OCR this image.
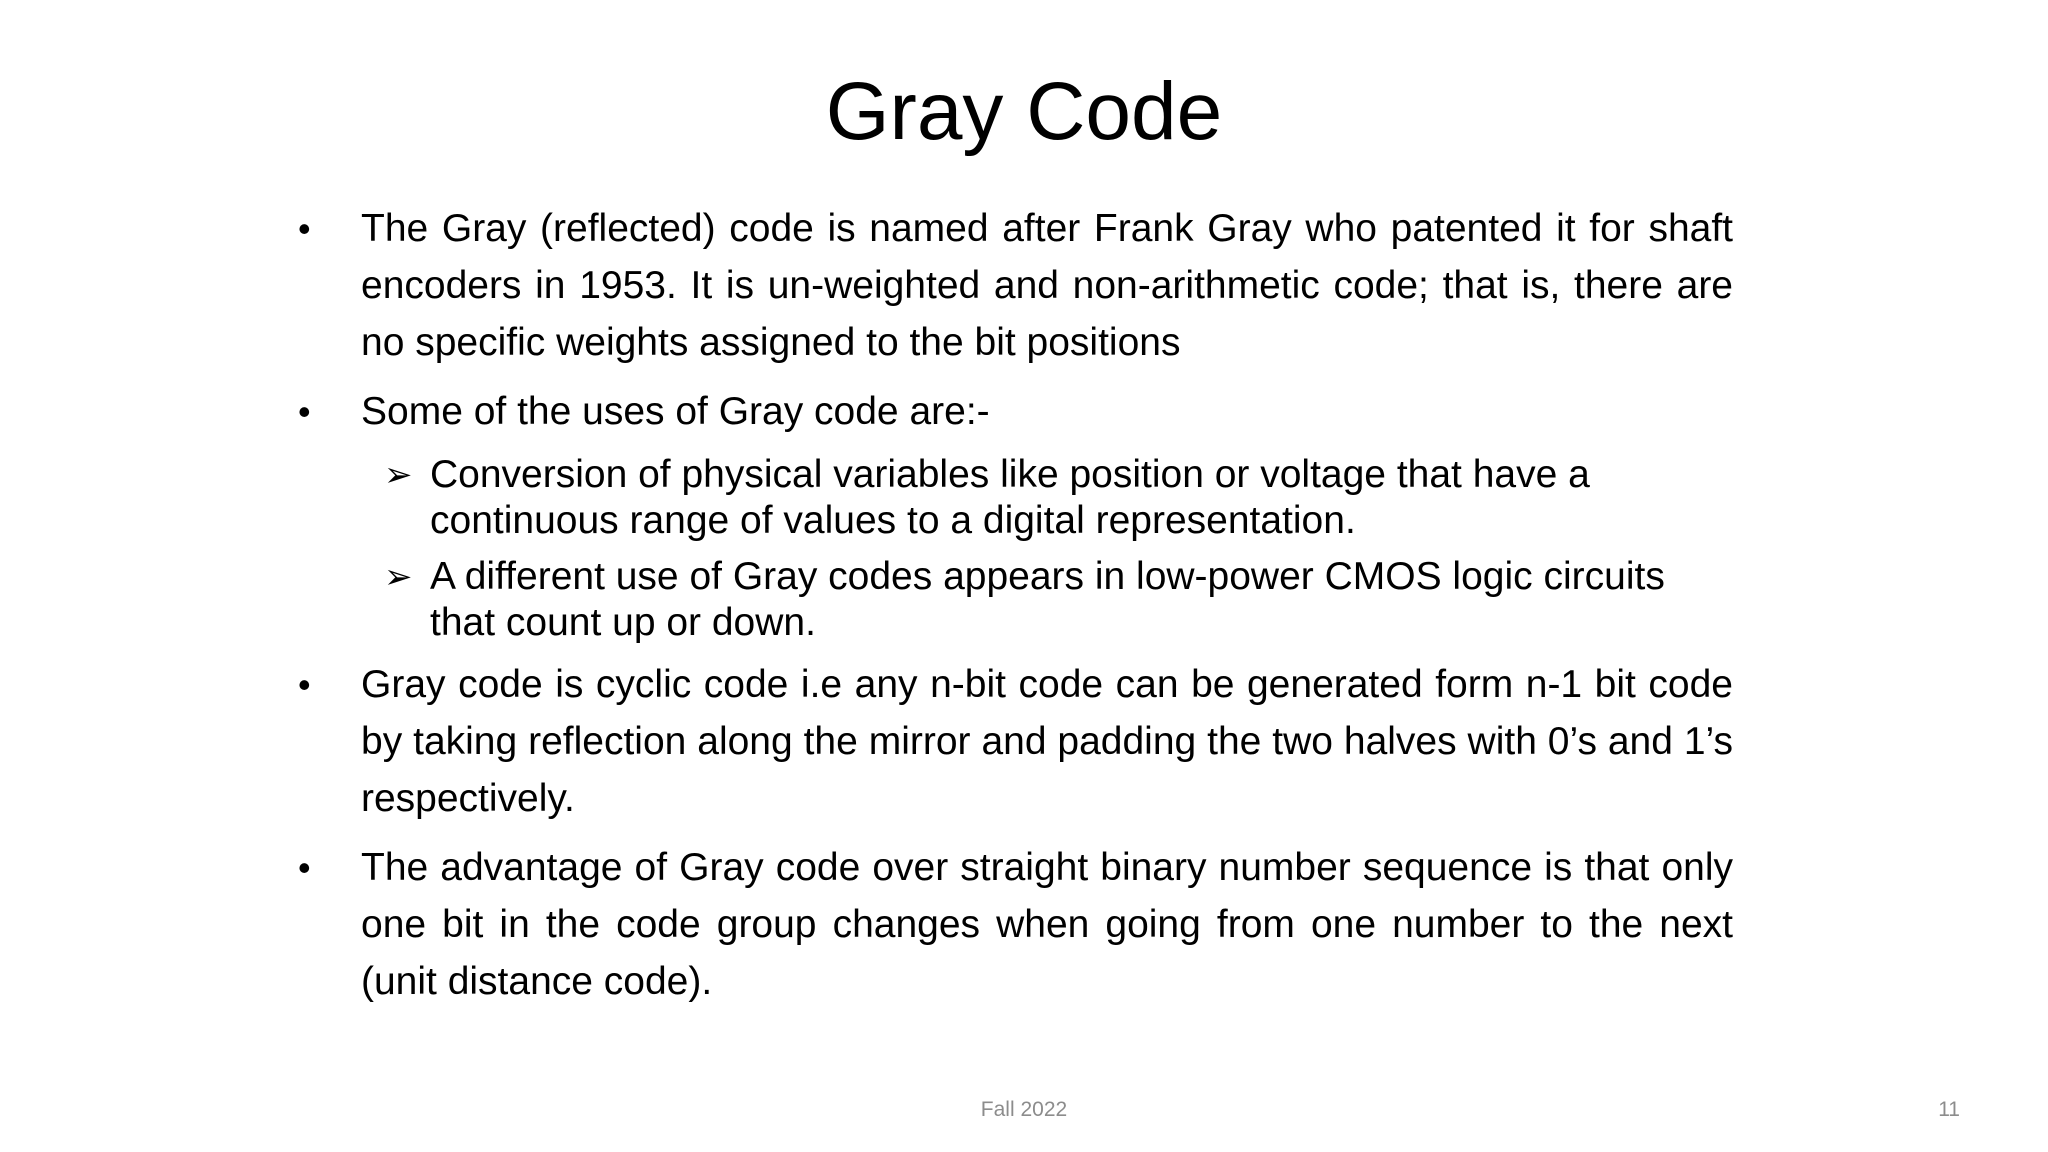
Gray Code
•	The Gray (reflected) code is named after Frank Gray who patented it for shaft encoders in 1953. It is un-weighted and non-arithmetic code; that is, there are no specific weights assigned to the bit positions
•	Some of the uses of Gray code are:-
➢ Conversion of physical variables like position or voltage that have a continuous range of values to a digital representation.
➢ A different use of Gray codes appears in low-power CMOS logic circuits that count up or down.
•	Gray code is cyclic code i.e any n-bit code can be generated form n-1 bit code by taking reflection along the mirror and padding the two halves with 0’s and 1’s respectively.
•	The advantage of Gray code over straight binary number sequence is that only one bit in the code group changes when going from one number to the next (unit distance code).
Fall 2022	11
